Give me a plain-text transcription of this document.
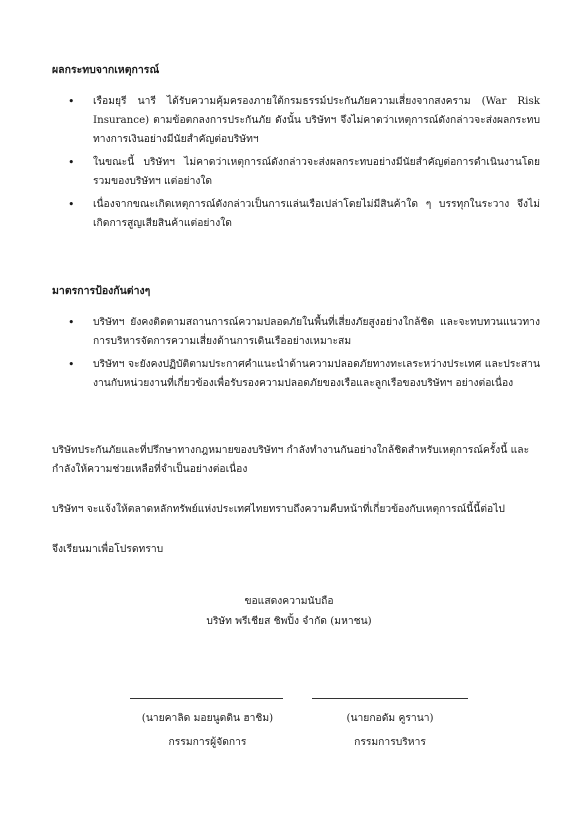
ผลกระทบจากเหตุการณ์

• เรือมยุรี นารี ได้รับความคุ้มครองภายใต้กรมธรรม์ประกันภัยความเสี่ยงจากสงคราม (War Risk Insurance) ตามข้อตกลงการประกันภัย ดังนั้น บริษัทฯ จึงไม่คาดว่าเหตุการณ์ดังกล่าวจะส่งผลกระทบทางการเงินอย่างมีนัยสำคัญต่อบริษัทฯ
• ในขณะนี้ บริษัทฯ ไม่คาดว่าเหตุการณ์ดังกล่าวจะส่งผลกระทบอย่างมีนัยสำคัญต่อการดำเนินงานโดยรวมของบริษัทฯ แต่อย่างใด
• เนื่องจากขณะเกิดเหตุการณ์ดังกล่าวเป็นการแล่นเรือเปล่าโดยไม่มีสินค้าใด ๆ บรรทุกในระวาง จึงไม่เกิดการสูญเสียสินค้าแต่อย่างใด

มาตรการป้องกันต่างๆ

• บริษัทฯ ยังคงติดตามสถานการณ์ความปลอดภัยในพื้นที่เสี่ยงภัยสูงอย่างใกล้ชิด และจะทบทวนแนวทางการบริหารจัดการความเสี่ยงด้านการเดินเรืออย่างเหมาะสม
• บริษัทฯ จะยังคงปฏิบัติตามประกาศคำแนะนำด้านความปลอดภัยทางทะเลระหว่างประเทศ และประสานงานกับหน่วยงานที่เกี่ยวข้องเพื่อรับรองความปลอดภัยของเรือและลูกเรือของบริษัทฯ อย่างต่อเนื่อง

บริษัทประกันภัยและที่ปรึกษาทางกฎหมายของบริษัทฯ กำลังทำงานกันอย่างใกล้ชิดสำหรับเหตุการณ์ครั้งนี้ และกำลังให้ความช่วยเหลือที่จำเป็นอย่างต่อเนื่อง

บริษัทฯ จะแจ้งให้ตลาดหลักทรัพย์แห่งประเทศไทยทราบถึงความคืบหน้าที่เกี่ยวข้องกับเหตุการณ์นี้นี้ต่อไป

จึงเรียนมาเพื่อโปรดทราบ

ขอแสดงความนับถือ

บริษัท พรีเชียส ชิพปิ้ง จำกัด (มหาชน)

(นายคาลิด มอยนูดดิน ฮาชิม)

กรรมการผู้จัดการ

(นายกอดัม คูรานา)

กรรมการบริหาร
